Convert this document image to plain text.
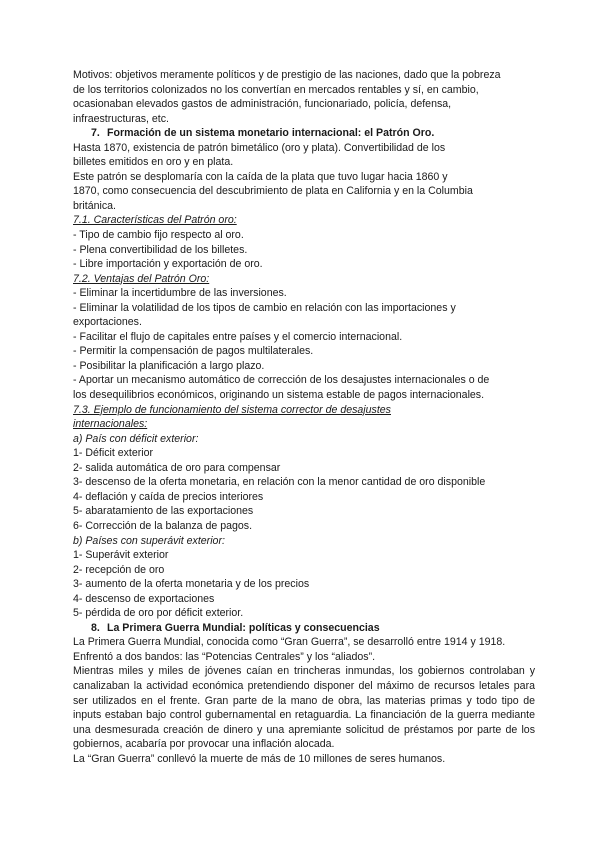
Motivos: objetivos meramente políticos y de prestigio de las naciones, dado que la pobreza
de los territorios colonizados no los convertían en mercados rentables y sí, en cambio,
ocasionaban elevados gastos de administración, funcionariado, policía, defensa,
infraestructuras, etc.
7. Formación de un sistema monetario internacional: el Patrón Oro.
Hasta 1870, existencia de patrón bimetálico (oro y plata). Convertibilidad de los
billetes emitidos en oro y en plata.
Este patrón se desplomaría con la caída de la plata que tuvo lugar hacia 1860 y
1870, como consecuencia del descubrimiento de plata en California y en la Columbia
británica.
7.1. Características del Patrón oro:
- Tipo de cambio fijo respecto al oro.
- Plena convertibilidad de los billetes.
- Libre importación y exportación de oro.
7.2. Ventajas del Patrón Oro:
- Eliminar la incertidumbre de las inversiones.
- Eliminar la volatilidad de los tipos de cambio en relación con las importaciones y
exportaciones.
- Facilitar el flujo de capitales entre países y el comercio internacional.
- Permitir la compensación de pagos multilaterales.
- Posibilitar la planificación a largo plazo.
- Aportar un mecanismo automático de corrección de los desajustes internacionales o de
los desequilibrios económicos, originando un sistema estable de pagos internacionales.
7.3. Ejemplo de funcionamiento del sistema corrector de desajustes
internacionales:
a) País con déficit exterior:
1- Déficit exterior
2- salida automática de oro para compensar
3- descenso de la oferta monetaria, en relación con la menor cantidad de oro disponible
4- deflación y caída de precios interiores
5- abaratamiento de las exportaciones
6- Corrección de la balanza de pagos.
b) Países con superávit exterior:
1- Superávit exterior
2- recepción de oro
3- aumento de la oferta monetaria y de los precios
4- descenso de exportaciones
5- pérdida de oro por déficit exterior.
8. La Primera Guerra Mundial: políticas y consecuencias
La Primera Guerra Mundial, conocida como “Gran Guerra”, se desarrolló entre 1914 y 1918.
Enfrentó a dos bandos: las “Potencias Centrales” y los “aliados”.
Mientras miles y miles de jóvenes caían en trincheras inmundas, los gobiernos controlaban y canalizaban la actividad económica pretendiendo disponer del máximo de recursos letales para ser utilizados en el frente. Gran parte de la mano de obra, las materias primas y todo tipo de inputs estaban bajo control gubernamental en retaguardia. La financiación de la guerra mediante una desmesurada creación de dinero y una apremiante solicitud de préstamos por parte de los gobiernos, acabaría por provocar una inflación alocada.
La “Gran Guerra” conllevó la muerte de más de 10 millones de seres humanos.
